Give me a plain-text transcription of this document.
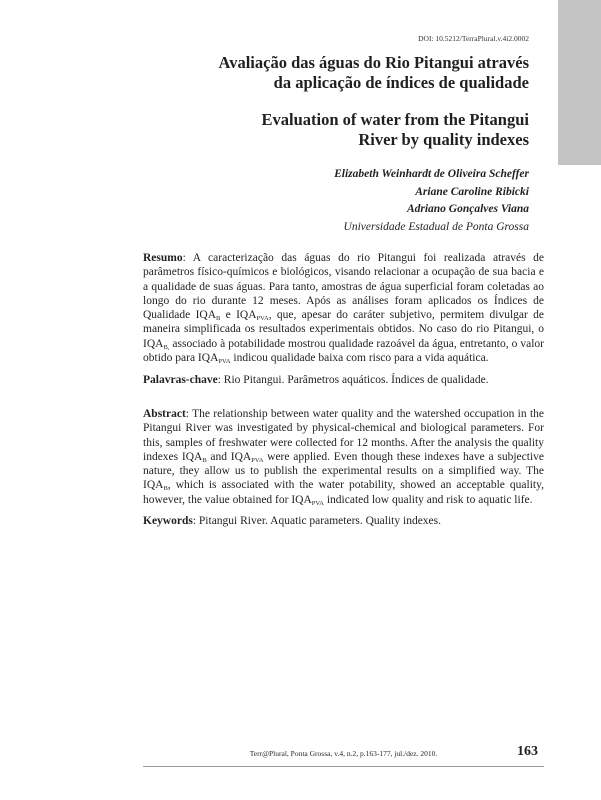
DOI: 10.5212/TerraPlural.v.4i2.0002
Avaliação das águas do Rio Pitangui através
da aplicação de índices de qualidade
Evaluation of water from the Pitangui
River by quality indexes
Elizabeth Weinhardt de Oliveira Scheffer
Ariane Caroline Ribicki
Adriano Gonçalves Viana
Universidade Estadual de Ponta Grossa
Resumo: A caracterização das águas do rio Pitangui foi realizada através de parâmetros físico-químicos e biológicos, visando relacionar a ocupação de sua bacia e a qualidade de suas águas. Para tanto, amostras de água superficial foram coletadas ao longo do rio durante 12 meses. Após as análises foram aplicados os Índices de Qualidade $IQA_B$ e $IQA_{PVA}$, que, apesar do caráter subjetivo, permitem divulgar de maneira simplificada os resultados experimentais obtidos. No caso do rio Pitangui, o $IQA_{B,}$ associado à potabilidade mostrou qualidade razoável da água, entretanto, o valor obtido para $IQA_{PVA}$ indicou qualidade baixa com risco para a vida aquática.
Palavras-chave: Rio Pitangui. Parâmetros aquáticos. Índices de qualidade.
Abstract: The relationship between water quality and the watershed occupation in the Pitangui River was investigated by physical-chemical and biological parameters. For this, samples of freshwater were collected for 12 months. After the analysis the quality indexes $IQA_B$ and $IQA_{PVA}$ were applied. Even though these indexes have a subjective nature, they allow us to publish the experimental results on a simplified way. The $IQA_B$, which is associated with the water potability, showed an acceptable quality, however, the value obtained for $IQA_{PVA}$ indicated low quality and risk to aquatic life.
Keywords: Pitangui River. Aquatic parameters. Quality indexes.
Terr@Plural, Ponta Grossa, v.4, n.2, p.163-177, jul./dez. 2010.	163
